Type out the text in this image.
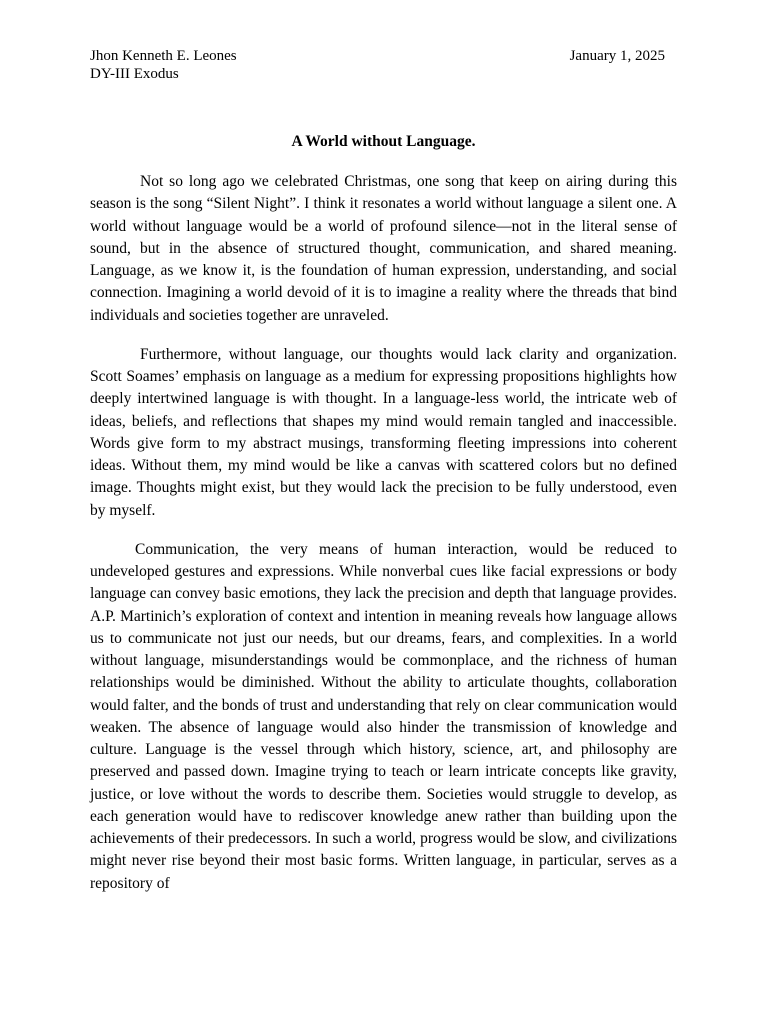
Jhon Kenneth E. Leones
DY-III Exodus
January 1, 2025
A World without Language.

Not so long ago we celebrated Christmas, one song that keep on airing during this season is the song “Silent Night”. I think it resonates a world without language a silent one. A world without language would be a world of profound silence—not in the literal sense of sound, but in the absence of structured thought, communication, and shared meaning. Language, as we know it, is the foundation of human expression, understanding, and social connection. Imagining a world devoid of it is to imagine a reality where the threads that bind individuals and societies together are unraveled.

Furthermore, without language, our thoughts would lack clarity and organization. Scott Soames’ emphasis on language as a medium for expressing propositions highlights how deeply intertwined language is with thought. In a language-less world, the intricate web of ideas, beliefs, and reflections that shapes my mind would remain tangled and inaccessible. Words give form to my abstract musings, transforming fleeting impressions into coherent ideas. Without them, my mind would be like a canvas with scattered colors but no defined image. Thoughts might exist, but they would lack the precision to be fully understood, even by myself.

Communication, the very means of human interaction, would be reduced to undeveloped gestures and expressions. While nonverbal cues like facial expressions or body language can convey basic emotions, they lack the precision and depth that language provides. A.P. Martinich’s exploration of context and intention in meaning reveals how language allows us to communicate not just our needs, but our dreams, fears, and complexities. In a world without language, misunderstandings would be commonplace, and the richness of human relationships would be diminished. Without the ability to articulate thoughts, collaboration would falter, and the bonds of trust and understanding that rely on clear communication would weaken. The absence of language would also hinder the transmission of knowledge and culture. Language is the vessel through which history, science, art, and philosophy are preserved and passed down. Imagine trying to teach or learn intricate concepts like gravity, justice, or love without the words to describe them. Societies would struggle to develop, as each generation would have to rediscover knowledge anew rather than building upon the achievements of their predecessors. In such a world, progress would be slow, and civilizations might never rise beyond their most basic forms. Written language, in particular, serves as a repository of
